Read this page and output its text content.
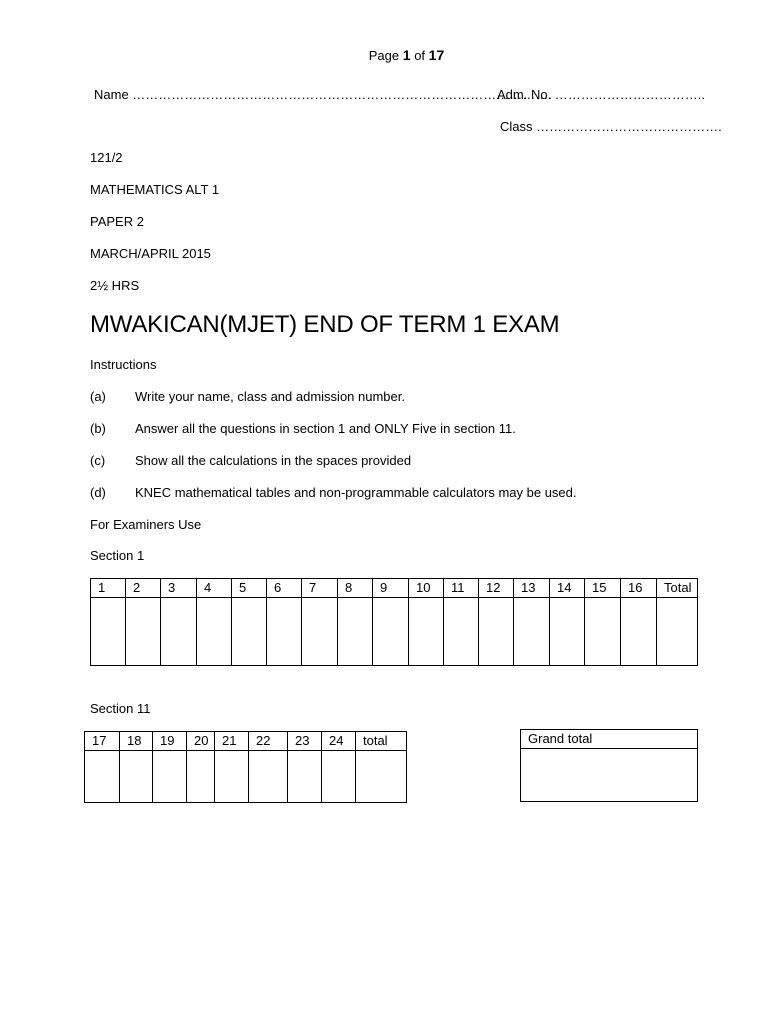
Page 1 of 17
Name …………………………………………………………………………………….
Adm. No. ……………………………..
Class …………………………………….
121/2
MATHEMATICS ALT 1
PAPER 2
MARCH/APRIL 2015
2½ HRS
MWAKICAN(MJET) END OF TERM 1 EXAM
Instructions
(a) Write your name, class and admission number.
(b) Answer all the questions in section 1 and ONLY Five in section 11.
(c) Show all the calculations in the spaces provided
(d) KNEC mathematical tables and non-programmable calculators may be used.
For Examiners Use
Section 1
1	2	3	4	5	6	7	8	9	10	11	12	13	14	15	16	Total

Section 11
17	18	19	20	21	22	23	24	total
									Grand total
